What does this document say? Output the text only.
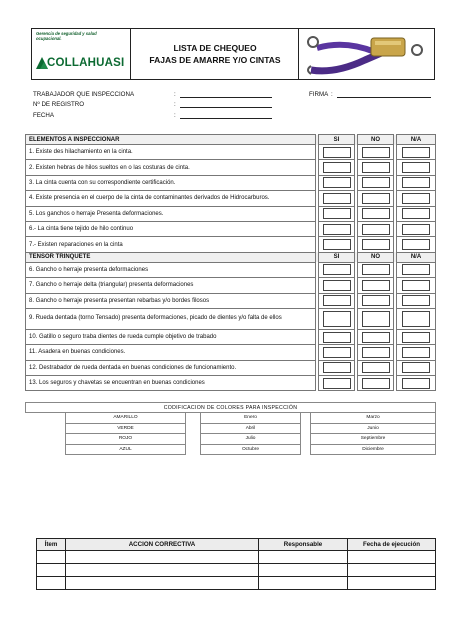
Gerencia de seguridad y salud ocupacional.
COLLAHUASI
LISTA DE CHEQUEO
FAJAS DE AMARRE Y/O CINTAS
TRABAJADOR QUE INSPECCIONA	:	FIRMA :
Nº DE REGISTRO	:
FECHA	:
ELEMENTOS A INSPECCIONAR		SI		NO		N/A
1. Existe des hilachamiento en la cinta.		

2. Existen hebras de hilos sueltos en o las costuras de cinta.		

3. La cinta cuenta con su correspondiente certificación.		

4. Existe presencia en el cuerpo de la cinta de contaminantes derivados de Hidrocarburos.		

5. Los ganchos o herraje Presenta deformaciones.		

6.- La cinta tiene tejido de hilo continuo		

7.- Existen reparaciones en la cinta		

TENSOR TRINQUETE		SI		NO		N/A
6. Gancho o herraje presenta deformaciones		

7. Gancho o herraje delta (triangular) presenta deformaciones		

8. Gancho o herraje presenta presentan rebarbas y/o bordes filosos		

9. Rueda dentada (torno Tensado) presenta deformaciones, picado de dientes y/o falta de ellos		

10. Gatillo o seguro traba dientes de rueda cumple objetivo de trabado		

11. Asadera en buenas condiciones.		

12. Destrabador de rueda dentada en buenas condiciones de funcionamiento.		

13. Los seguros y chavetas se encuentran en buenas condiciones		

CODIFICACION DE COLORES PARA INSPECCIÓN					
	AMARILLO		Enero		Marzo
	VERDE		Abril		Junio
	ROJO		Julio		Septiembre
	AZUL		Octubre		Diciembre
Ítem	ACCION CORRECTIVA	Responsable	Fecha de ejecución
